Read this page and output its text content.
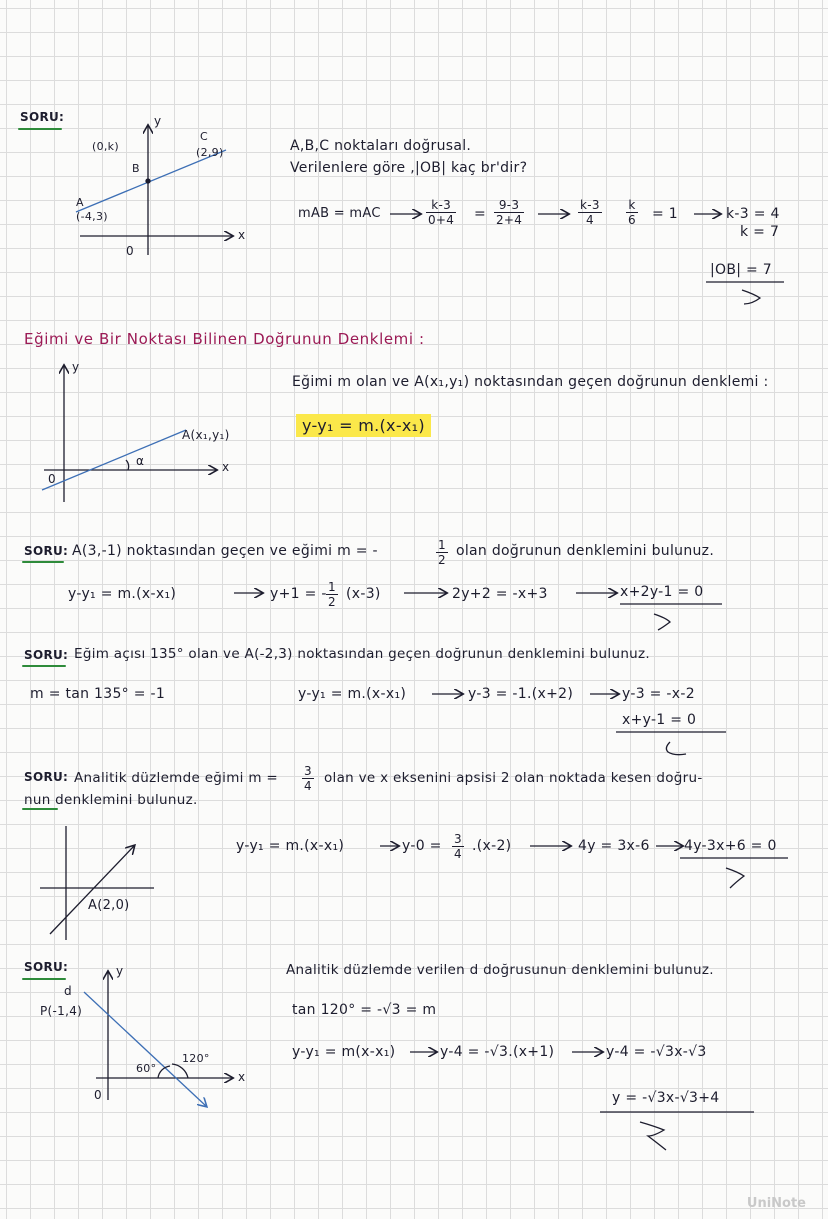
SORU:	y
x
0
(0,k)
B
C
(2,9)
A
(-4,3)
A,B,C noktaları doğrusal.
Verilenlere göre ,|OB| kaç br'dir?
mAB = mAC	$\frac{k-3}{0+4} = \frac{9-3}{2+4}$	$\frac{k-3}{4} \frac{k}{6} = 1$	k-3 = 4
k = 7
|OB| = 7
Eğimi ve Bir Noktası Bilinen Doğrunun Denklemi :
y
x
0
α
A(x₁,y₁)
Eğimi m olan ve A(x₁,y₁) noktasından geçen doğrunun denklemi :
y-y₁ = m.(x-x₁)
SORU: A(3,-1) noktasından geçen ve eğimi m = -	$\frac{1}{2}$ olan doğrunun denklemini bulunuz.
y-y₁ = m.(x-x₁)	y+1 = - $\frac{1}{2} (x-3)$	2y+2 = -x+3	x+2y-1 = 0
SORU: Eğim açısı 135° olan ve A(-2,3) noktasından geçen doğrunun denklemini bulunuz.
m = tan 135° = -1	y-y₁ = m.(x-x₁)	y-3 = -1.(x+2)	y-3 = -x-2
x+y-1 = 0
SORU: Analitik düzlemde eğimi $m = \frac{3}{4}$ olan ve x eksenini apsisi 2 olan noktada kesen doğru-
nun denklemini bulunuz.
A(2,0)
y-y₁ = m.(x-x₁)	$y-0 = \frac{3}{4} .(x-2)$	4y = 3x-6 4y-3x+6 = 0
SORU:	y
x
0
d
P(-1,4)
60°
120°
Analitik düzlemde verilen d doğrusunun denklemini bulunuz.
tan 120° = -√3 = m
y-y₁ = m(x-x₁)	y-4 = -√3.(x+1)	y-4 = -√3x-√3
y = -√3x-√3+4
UniNote
